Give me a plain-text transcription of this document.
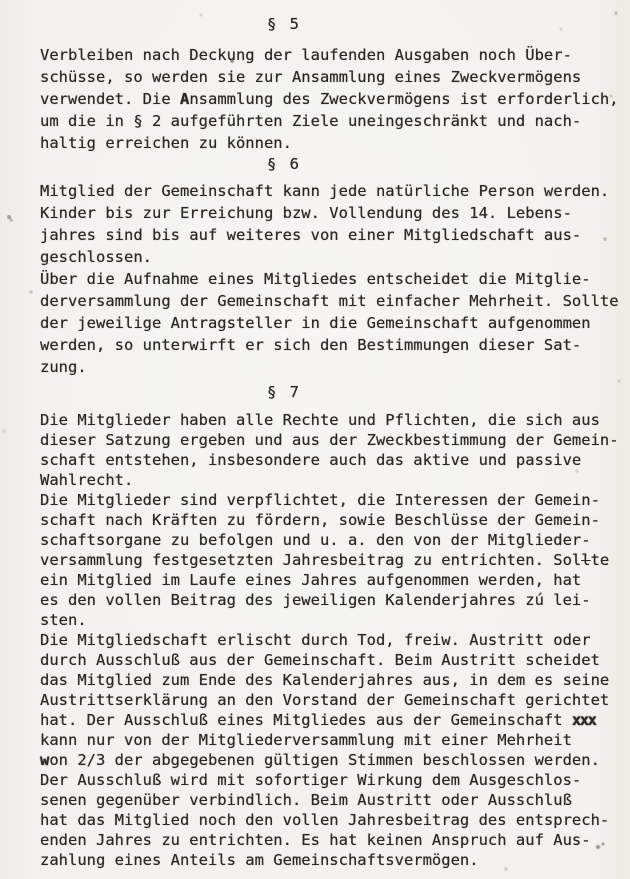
§ 5
Verbleiben nach Deckung der laufenden Ausgaben noch Über-
schüsse, so werden sie zur Ansammlung eines Zweckvermögens
verwendet. Die Ansammlung des Zweckvermögens ist erforderlich,
um die in § 2 aufgeführten Ziele uneingeschränkt und nach-
haltig erreichen zu können.
§ 6
Mitglied der Gemeinschaft kann jede natürliche Person werden.
Kinder bis zur Erreichung bzw. Vollendung des 14. Lebens-
jahres sind bis auf weiteres von einer Mitgliedschaft aus-
geschlossen.
Über die Aufnahme eines Mitgliedes entscheidet die Mitglie-
derversammlung der Gemeinschaft mit einfacher Mehrheit. Sollte
der jeweilige Antragsteller in die Gemeinschaft aufgenommen
werden, so unterwirft er sich den Bestimmungen dieser Sat-
zung.
§ 7
Die Mitglieder haben alle Rechte und Pflichten, die sich aus
dieser Satzung ergeben und aus der Zweckbestimmung der Gemein-
schaft entstehen, insbesondere auch das aktive und passive
Wahlrecht.
Die Mitglieder sind verpflichtet, die Interessen der Gemein-
schaft nach Kräften zu fördern, sowie Beschlüsse der Gemein-
schaftsorgane zu befolgen und u. a. den von der Mitglieder-
versammlung festgesetzten Jahresbeitrag zu entrichten. Sollte
ein Mitglied im Laufe eines Jahres aufgenommen werden, hat
es den vollen Beitrag des jeweiligen Kalenderjahres zú lei-
sten.
Die Mitgliedschaft erlischt durch Tod, freiw. Austritt oder
durch Ausschluß aus der Gemeinschaft. Beim Austritt scheidet
das Mitglied zum Ende des Kalenderjahres aus, in dem es seine
Austrittserklärung an den Vorstand der Gemeinschaft gerichtet
hat. Der Ausschluß eines Mitgliedes aus der Gemeinschaft xxx
kann nur von der Mitgliederversammlung mit einer Mehrheit
won 2/3 der abgegebenen gültigen Stimmen beschlossen werden.
Der Ausschluß wird mit sofortiger Wirkung dem Ausgeschlos-
senen gegenüber verbindlich. Beim Austritt oder Ausschluß
hat das Mitglied noch den vollen Jahresbeitrag des entsprech-
enden Jahres zu entrichten. Es hat keinen Anspruch auf Aus-
zahlung eines Anteils am Gemeinschaftsvermögen.
